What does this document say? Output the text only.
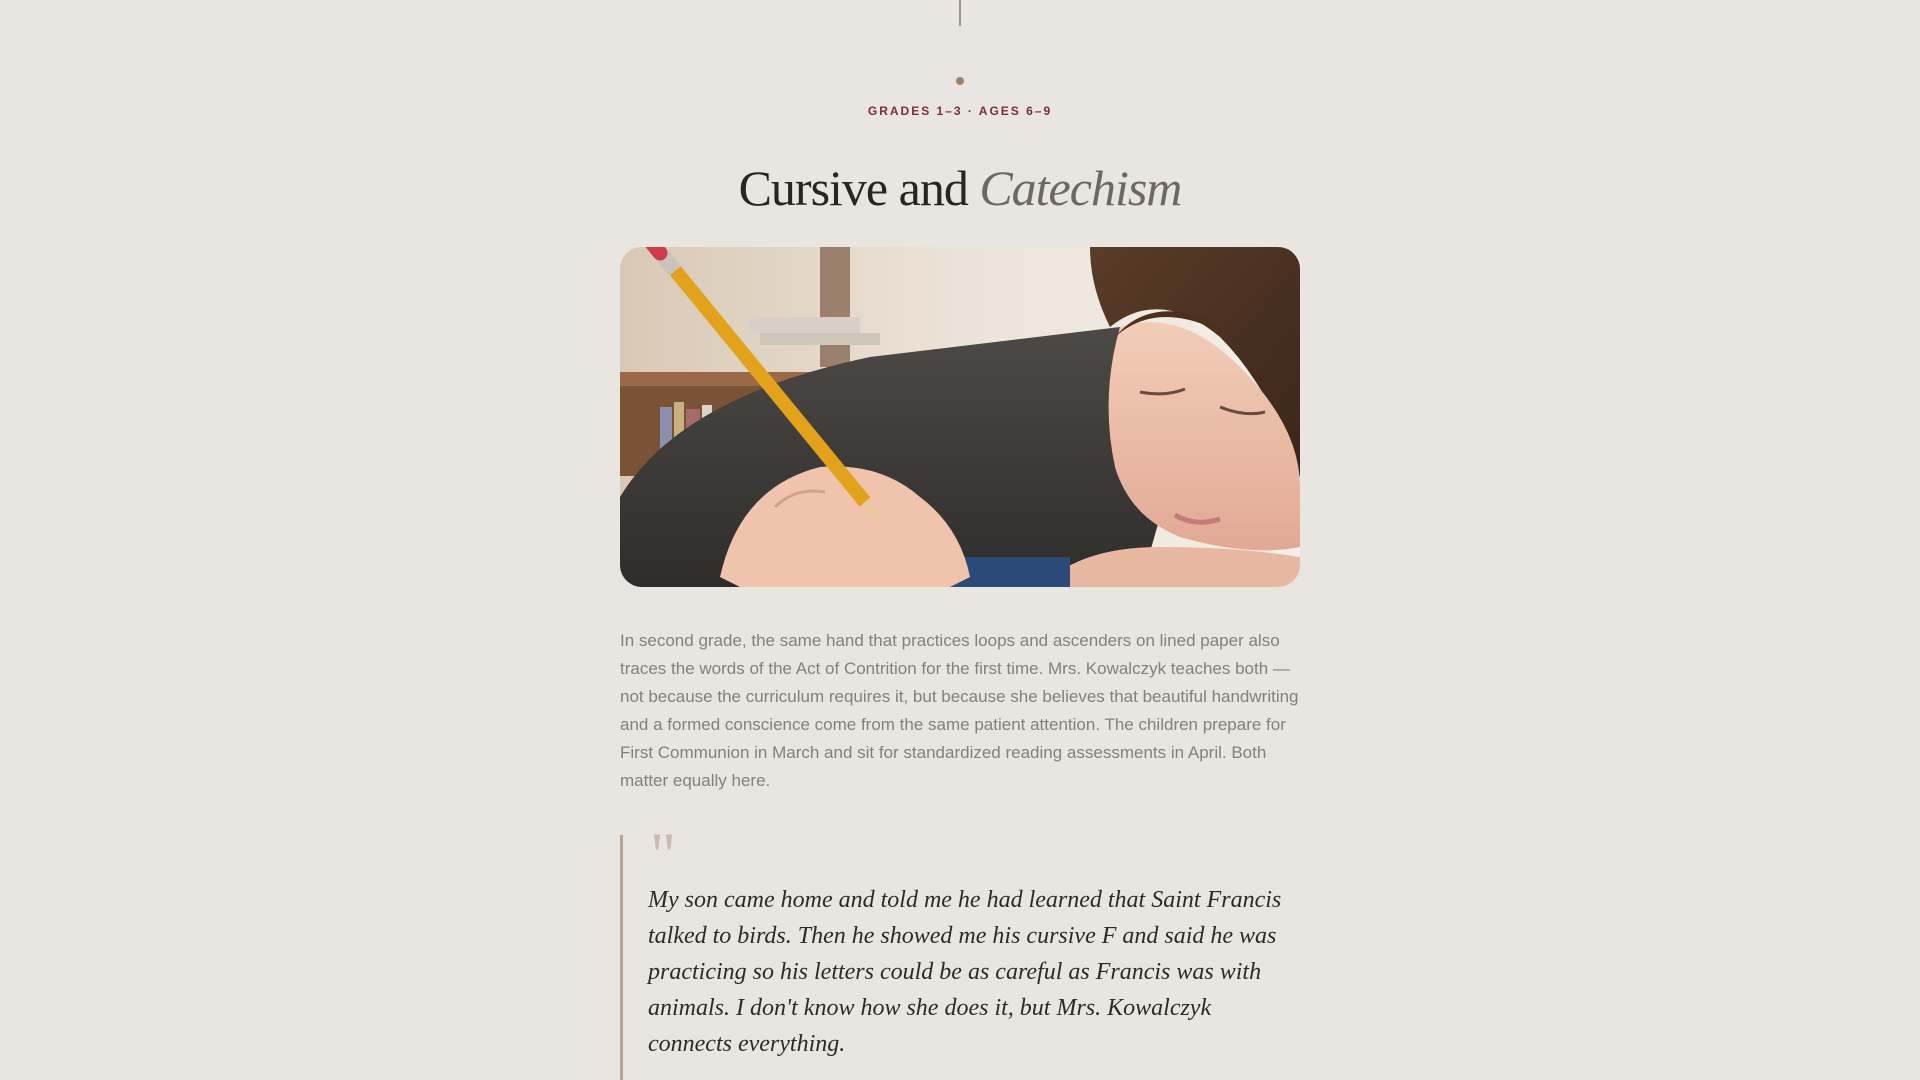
GRADES 1–3 · AGES 6–9
Cursive and Catechism

In second grade, the same hand that practices loops and ascenders on lined paper also traces the words of the Act of Contrition for the first time. Mrs. Kowalczyk teaches both — not because the curriculum requires it, but because she believes that beautiful handwriting and a formed conscience come from the same patient attention. The children prepare for First Communion in March and sit for standardized reading assessments in April. Both matter equally here.

"

My son came home and told me he had learned that Saint Francis talked to birds. Then he showed me his cursive F and said he was practicing so his letters could be as careful as Francis was with animals. I don't know how she does it, but Mrs. Kowalczyk connects everything.
